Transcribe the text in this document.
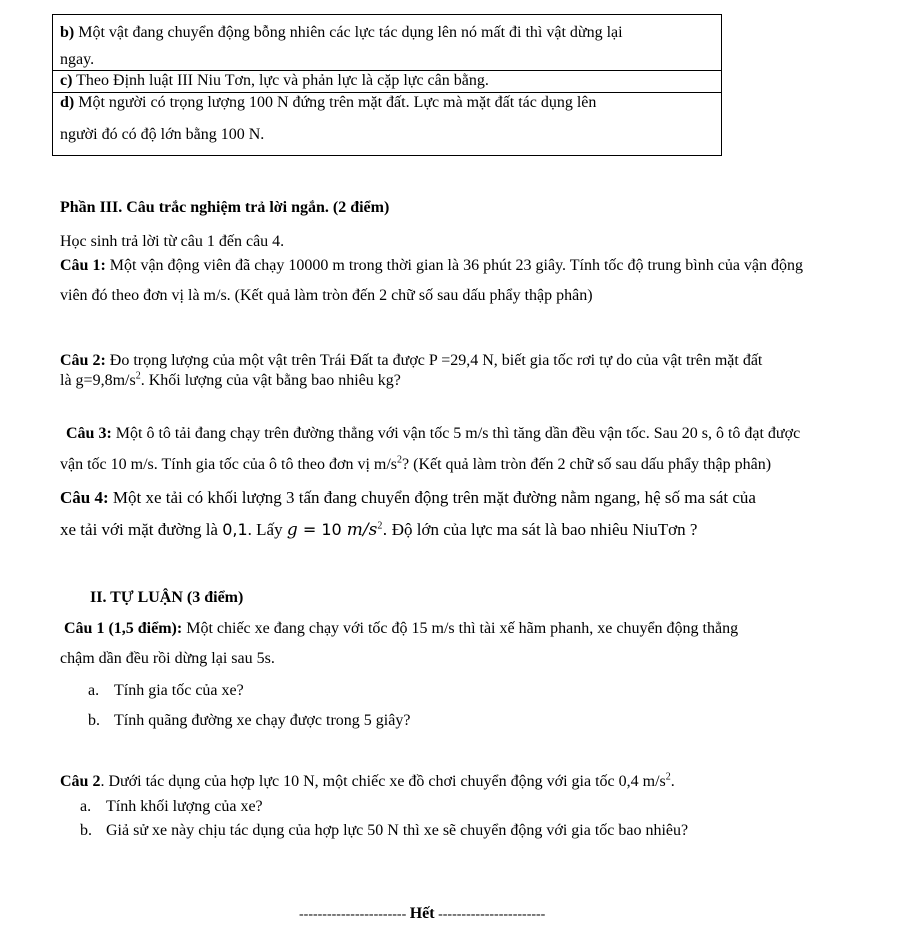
b) Một vật đang chuyển động bỗng nhiên các lực tác dụng lên nó mất đi thì vật dừng lại
ngay.
c) Theo Định luật III Niu Tơn, lực và phản lực là cặp lực cân bằng.
d) Một người có trọng lượng 100 N đứng trên mặt đất. Lực mà mặt đất tác dụng lên
người đó có độ lớn bằng 100 N.
Phần III. Câu trắc nghiệm trả lời ngắn. (2 điểm)
Học sinh trả lời từ câu 1 đến câu 4.
Câu 1: Một vận động viên đã chạy 10000 m trong thời gian là 36 phút 23 giây. Tính tốc độ trung bình của vận động
viên đó theo đơn vị là m/s. (Kết quả làm tròn đến 2 chữ số sau dấu phẩy thập phân)
Câu 2: Đo trọng lượng của một vật trên Trái Đất ta được P =29,4 N, biết gia tốc rơi tự do của vật trên mặt đất
là $g=9,8m/s^2$. Khối lượng của vật bằng bao nhiêu kg?
Câu 3: Một ô tô tải đang chạy trên đường thẳng với vận tốc 5 m/s thì tăng dần đều vận tốc. Sau 20 s, ô tô đạt được
vận tốc 10 m/s. Tính gia tốc của ô tô theo đơn vị $m/s^2$? (Kết quả làm tròn đến 2 chữ số sau dấu phẩy thập phân)
Câu 4: Một xe tải có khối lượng 3 tấn đang chuyển động trên mặt đường nằm ngang, hệ số ma sát của
xe tải với mặt đường là 0,1. Lấy g = 10 $m/s^2$. Độ lớn của lực ma sát là bao nhiêu NiuTơn ?
II. TỰ LUẬN (3 điểm)
Câu 1 (1,5 điểm): Một chiếc xe đang chạy với tốc độ 15 m/s thì tài xế hãm phanh, xe chuyển động thẳng
chậm dần đều rồi dừng lại sau 5s.
a. Tính gia tốc của xe?
b. Tính quãng đường xe chạy được trong 5 giây?
Câu 2. Dưới tác dụng của hợp lực 10 N, một chiếc xe đồ chơi chuyển động với gia tốc 0,4 $m/s^2$.
a. Tính khối lượng của xe?
b. Giả sử xe này chịu tác dụng của hợp lực 50 N thì xe sẽ chuyển động với gia tốc bao nhiêu?
----------------------- Hết -----------------------
